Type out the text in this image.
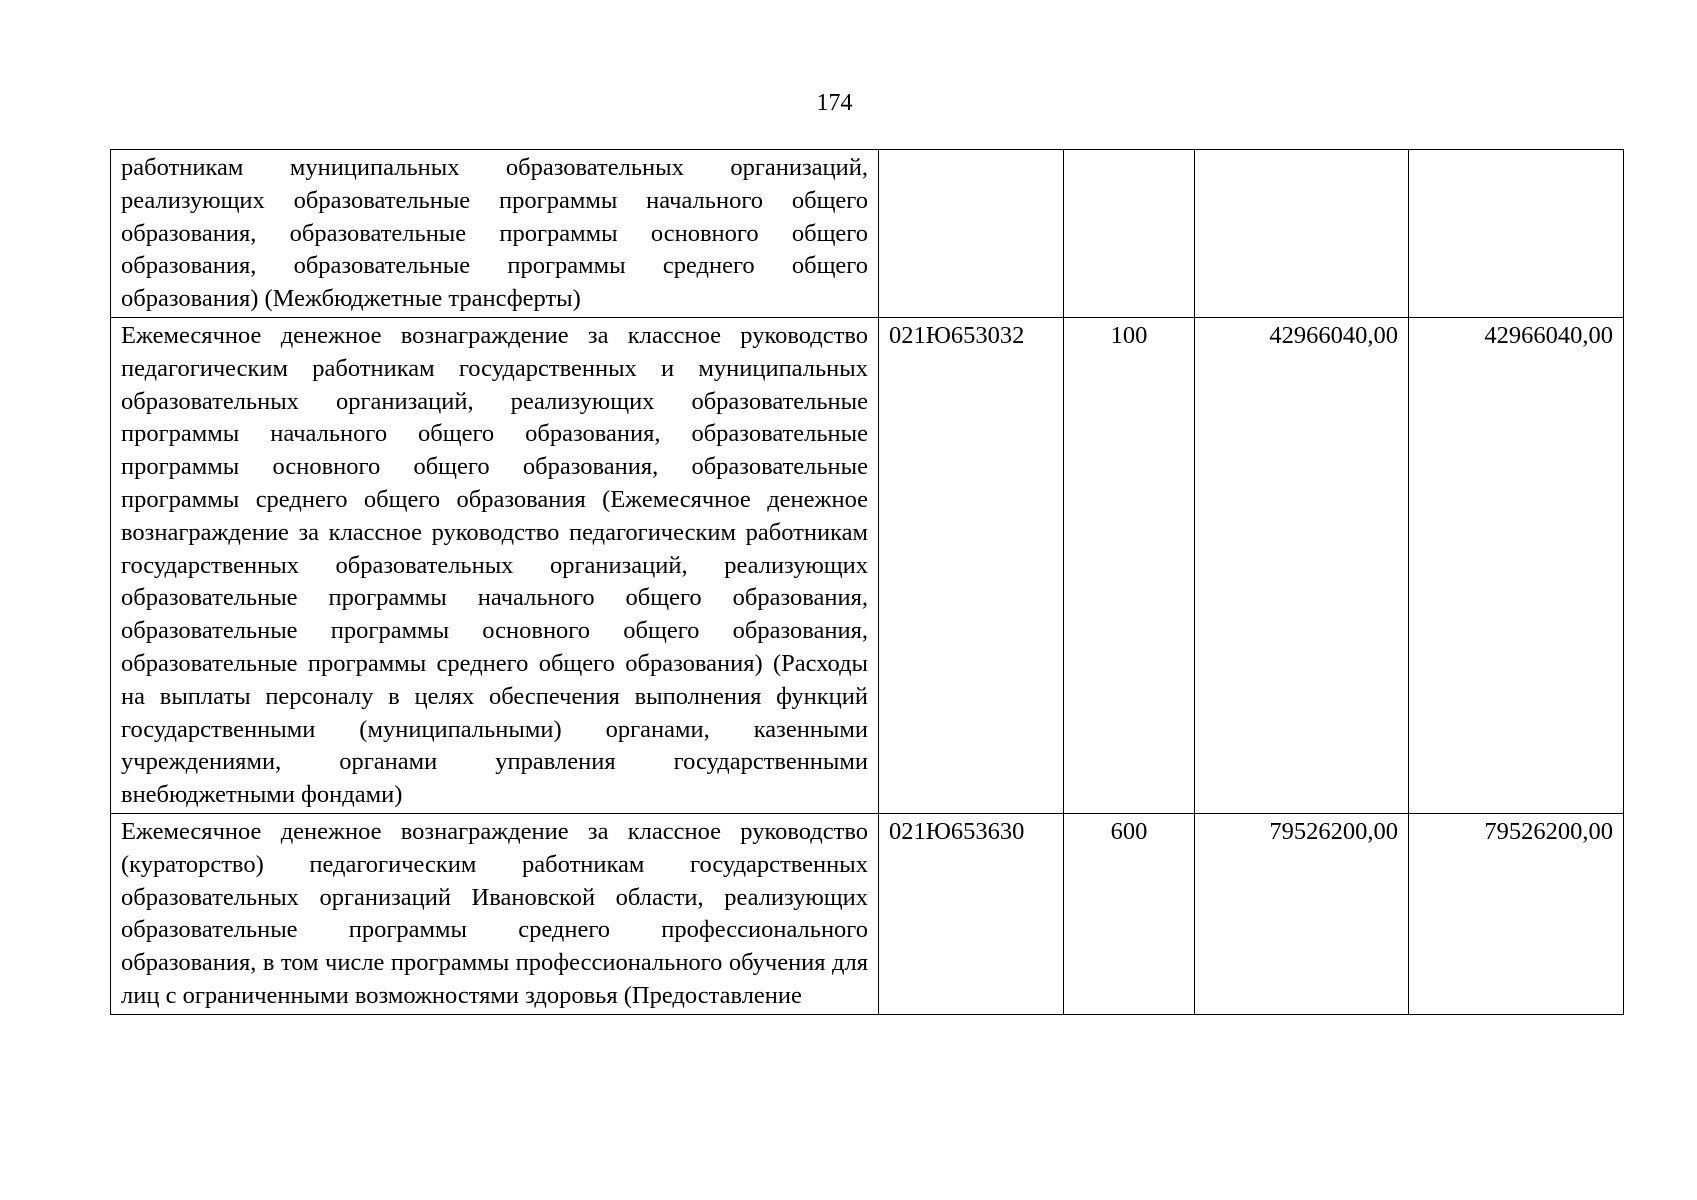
174
работникам муниципальных образовательных организаций, реализующих образовательные программы начального общего образования, образовательные программы основного общего образования, образовательные программы среднего общего образования) (Межбюджетные трансферты)				
Ежемесячное денежное вознаграждение за классное руководство педагогическим работникам государственных и муниципальных образовательных организаций, реализующих образовательные программы начального общего образования, образовательные программы основного общего образования, образовательные программы среднего общего образования (Ежемесячное денежное вознаграждение за классное руководство педагогическим работникам государственных образовательных организаций, реализующих образовательные программы начального общего образования, образовательные программы основного общего образования, образовательные программы среднего общего образования) (Расходы на выплаты персоналу в целях обеспечения выполнения функций государственными (муниципальными) органами, казенными учреждениями, органами управления государственными внебюджетными фондами)	021Ю653032	100	42966040,00	42966040,00
Ежемесячное денежное вознаграждение за классное руководство (кураторство) педагогическим работникам государственных образовательных организаций Ивановской области, реализующих образовательные программы среднего профессионального образования, в том числе программы профессионального обучения для лиц с ограниченными возможностями здоровья (Предоставление	021Ю653630	600	79526200,00	79526200,00
